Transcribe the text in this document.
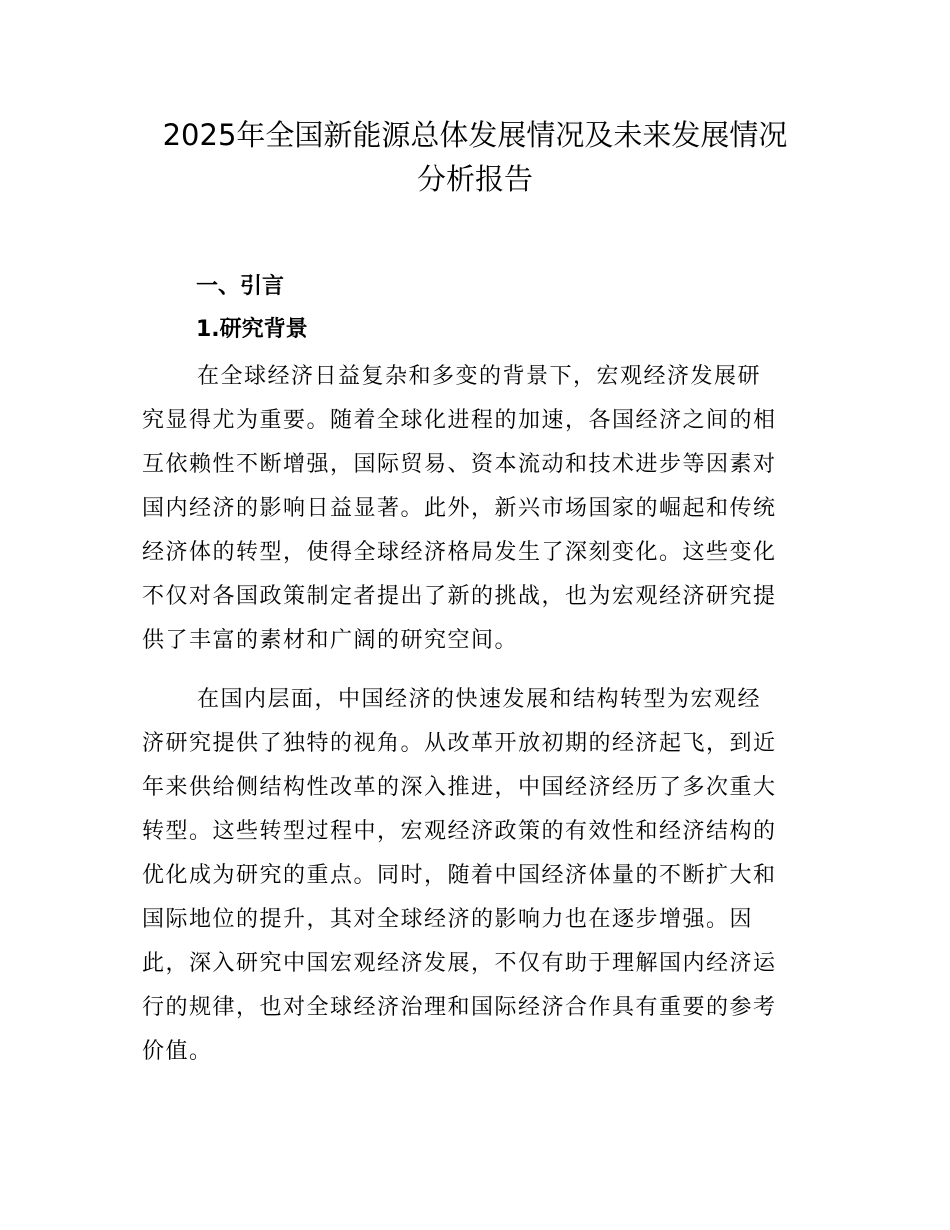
2025年全国新能源总体发展情况及未来发展情况
分析报告
一、引言
1.研究背景

在全球经济日益复杂和多变的背景下，宏观经济发展研
究显得尤为重要。随着全球化进程的加速，各国经济之间的相
互依赖性不断增强，国际贸易、资本流动和技术进步等因素对
国内经济的影响日益显著。此外，新兴市场国家的崛起和传统
经济体的转型，使得全球经济格局发生了深刻变化。这些变化
不仅对各国政策制定者提出了新的挑战，也为宏观经济研究提
供了丰富的素材和广阔的研究空间。

在国内层面，中国经济的快速发展和结构转型为宏观经
济研究提供了独特的视角。从改革开放初期的经济起飞，到近
年来供给侧结构性改革的深入推进，中国经济经历了多次重大
转型。这些转型过程中，宏观经济政策的有效性和经济结构的
优化成为研究的重点。同时，随着中国经济体量的不断扩大和
国际地位的提升，其对全球经济的影响力也在逐步增强。因
此，深入研究中国宏观经济发展，不仅有助于理解国内经济运
行的规律，也对全球经济治理和国际经济合作具有重要的参考
价值。
